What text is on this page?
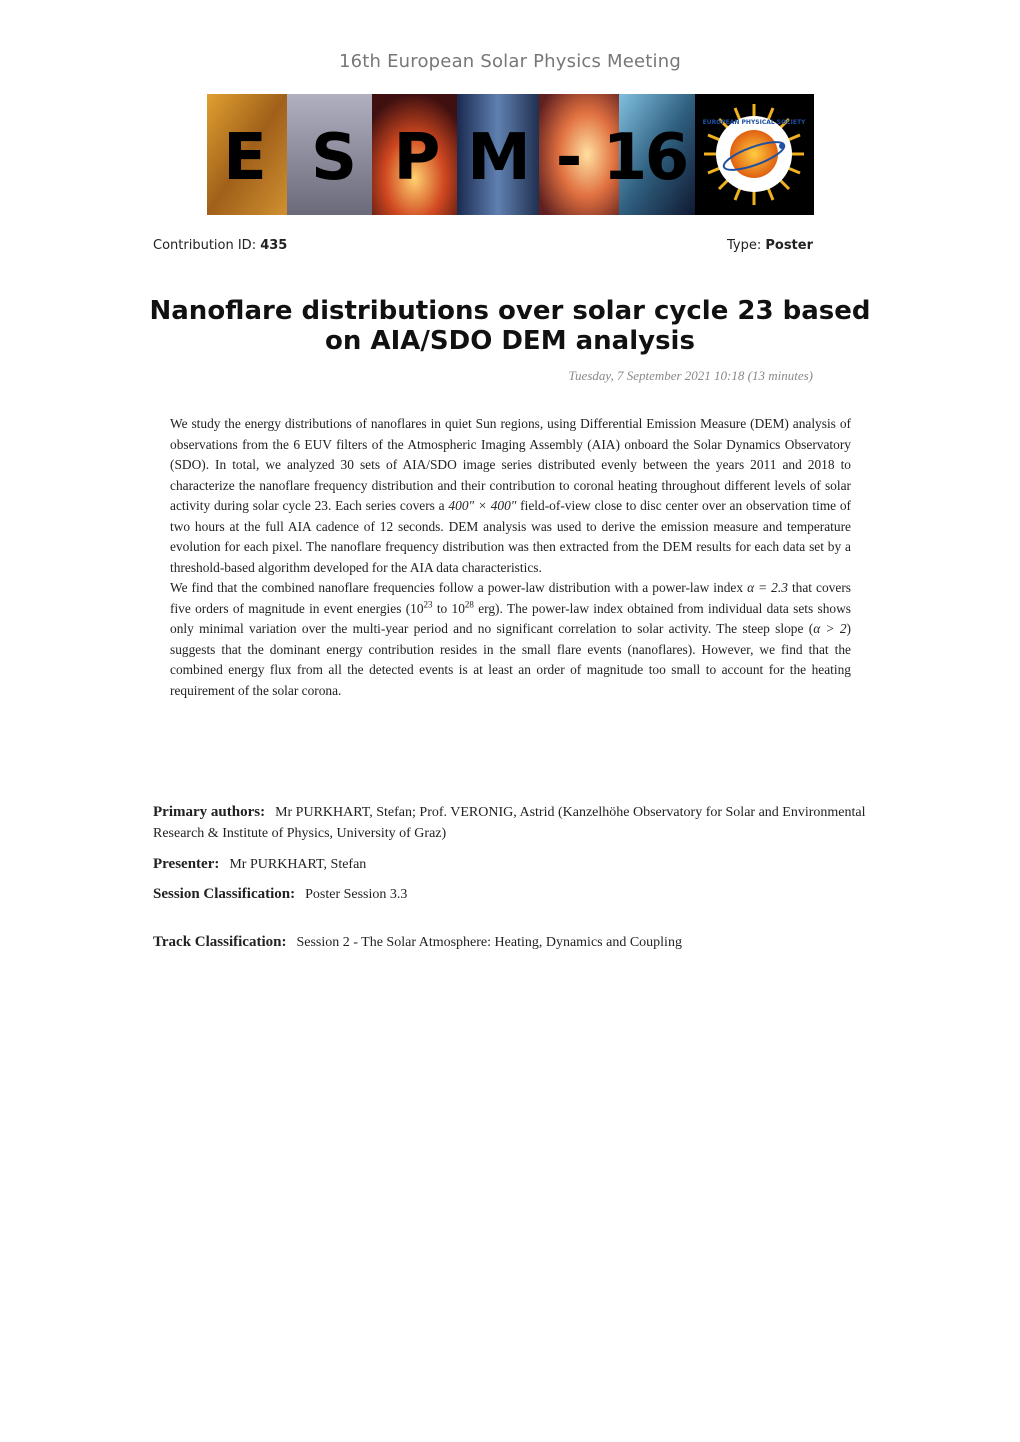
16th European Solar Physics Meeting
E S P M - 1
6 EUROPEAN PHYSICAL SOCIETY
Contribution ID: 435	Type: Poster
Nanoflare distributions over solar cycle 23 based on AIA/SDO DEM analysis
Tuesday, 7 September 2021 10:18 (13 minutes)

We study the energy distributions of nanoflares in quiet Sun regions, using Differential Emission Measure (DEM) analysis of observations from the 6 EUV filters of the Atmospheric Imaging Assembly (AIA) onboard the Solar Dynamics Observatory (SDO). In total, we analyzed 30 sets of AIA/SDO image series distributed evenly between the years 2011 and 2018 to characterize the nanoflare frequency distribution and their contribution to coronal heating throughout different levels of solar activity during solar cycle 23. Each series covers a 400″ × 400″ field-of-view close to disc center over an observation time of two hours at the full AIA cadence of 12 seconds. DEM analysis was used to derive the emission measure and temperature evolution for each pixel. The nanoflare frequency distribution was then extracted from the DEM results for each data set by a threshold-based algorithm developed for the AIA data characteristics.

We find that the combined nanoflare frequencies follow a power-law distribution with a power-law index α = 2.3 that covers five orders of magnitude in event energies ($10^{23}$ to $10^{28}$ erg). The power-law index obtained from individual data sets shows only minimal variation over the multi-year period and no significant correlation to solar activity. The steep slope (α > 2) suggests that the dominant energy contribution resides in the small flare events (nanoflares). However, we find that the combined energy flux from all the detected events is at least an order of magnitude too small to account for the heating requirement of the solar corona.

Primary authors: Mr PURKHART, Stefan; Prof. VERONIG, Astrid (Kanzelhöhe Observatory for Solar and Environmental Research & Institute of Physics, University of Graz)
Presenter: Mr PURKHART, Stefan
Session Classification: Poster Session 3.3
Track Classification: Session 2 - The Solar Atmosphere: Heating, Dynamics and Coupling
